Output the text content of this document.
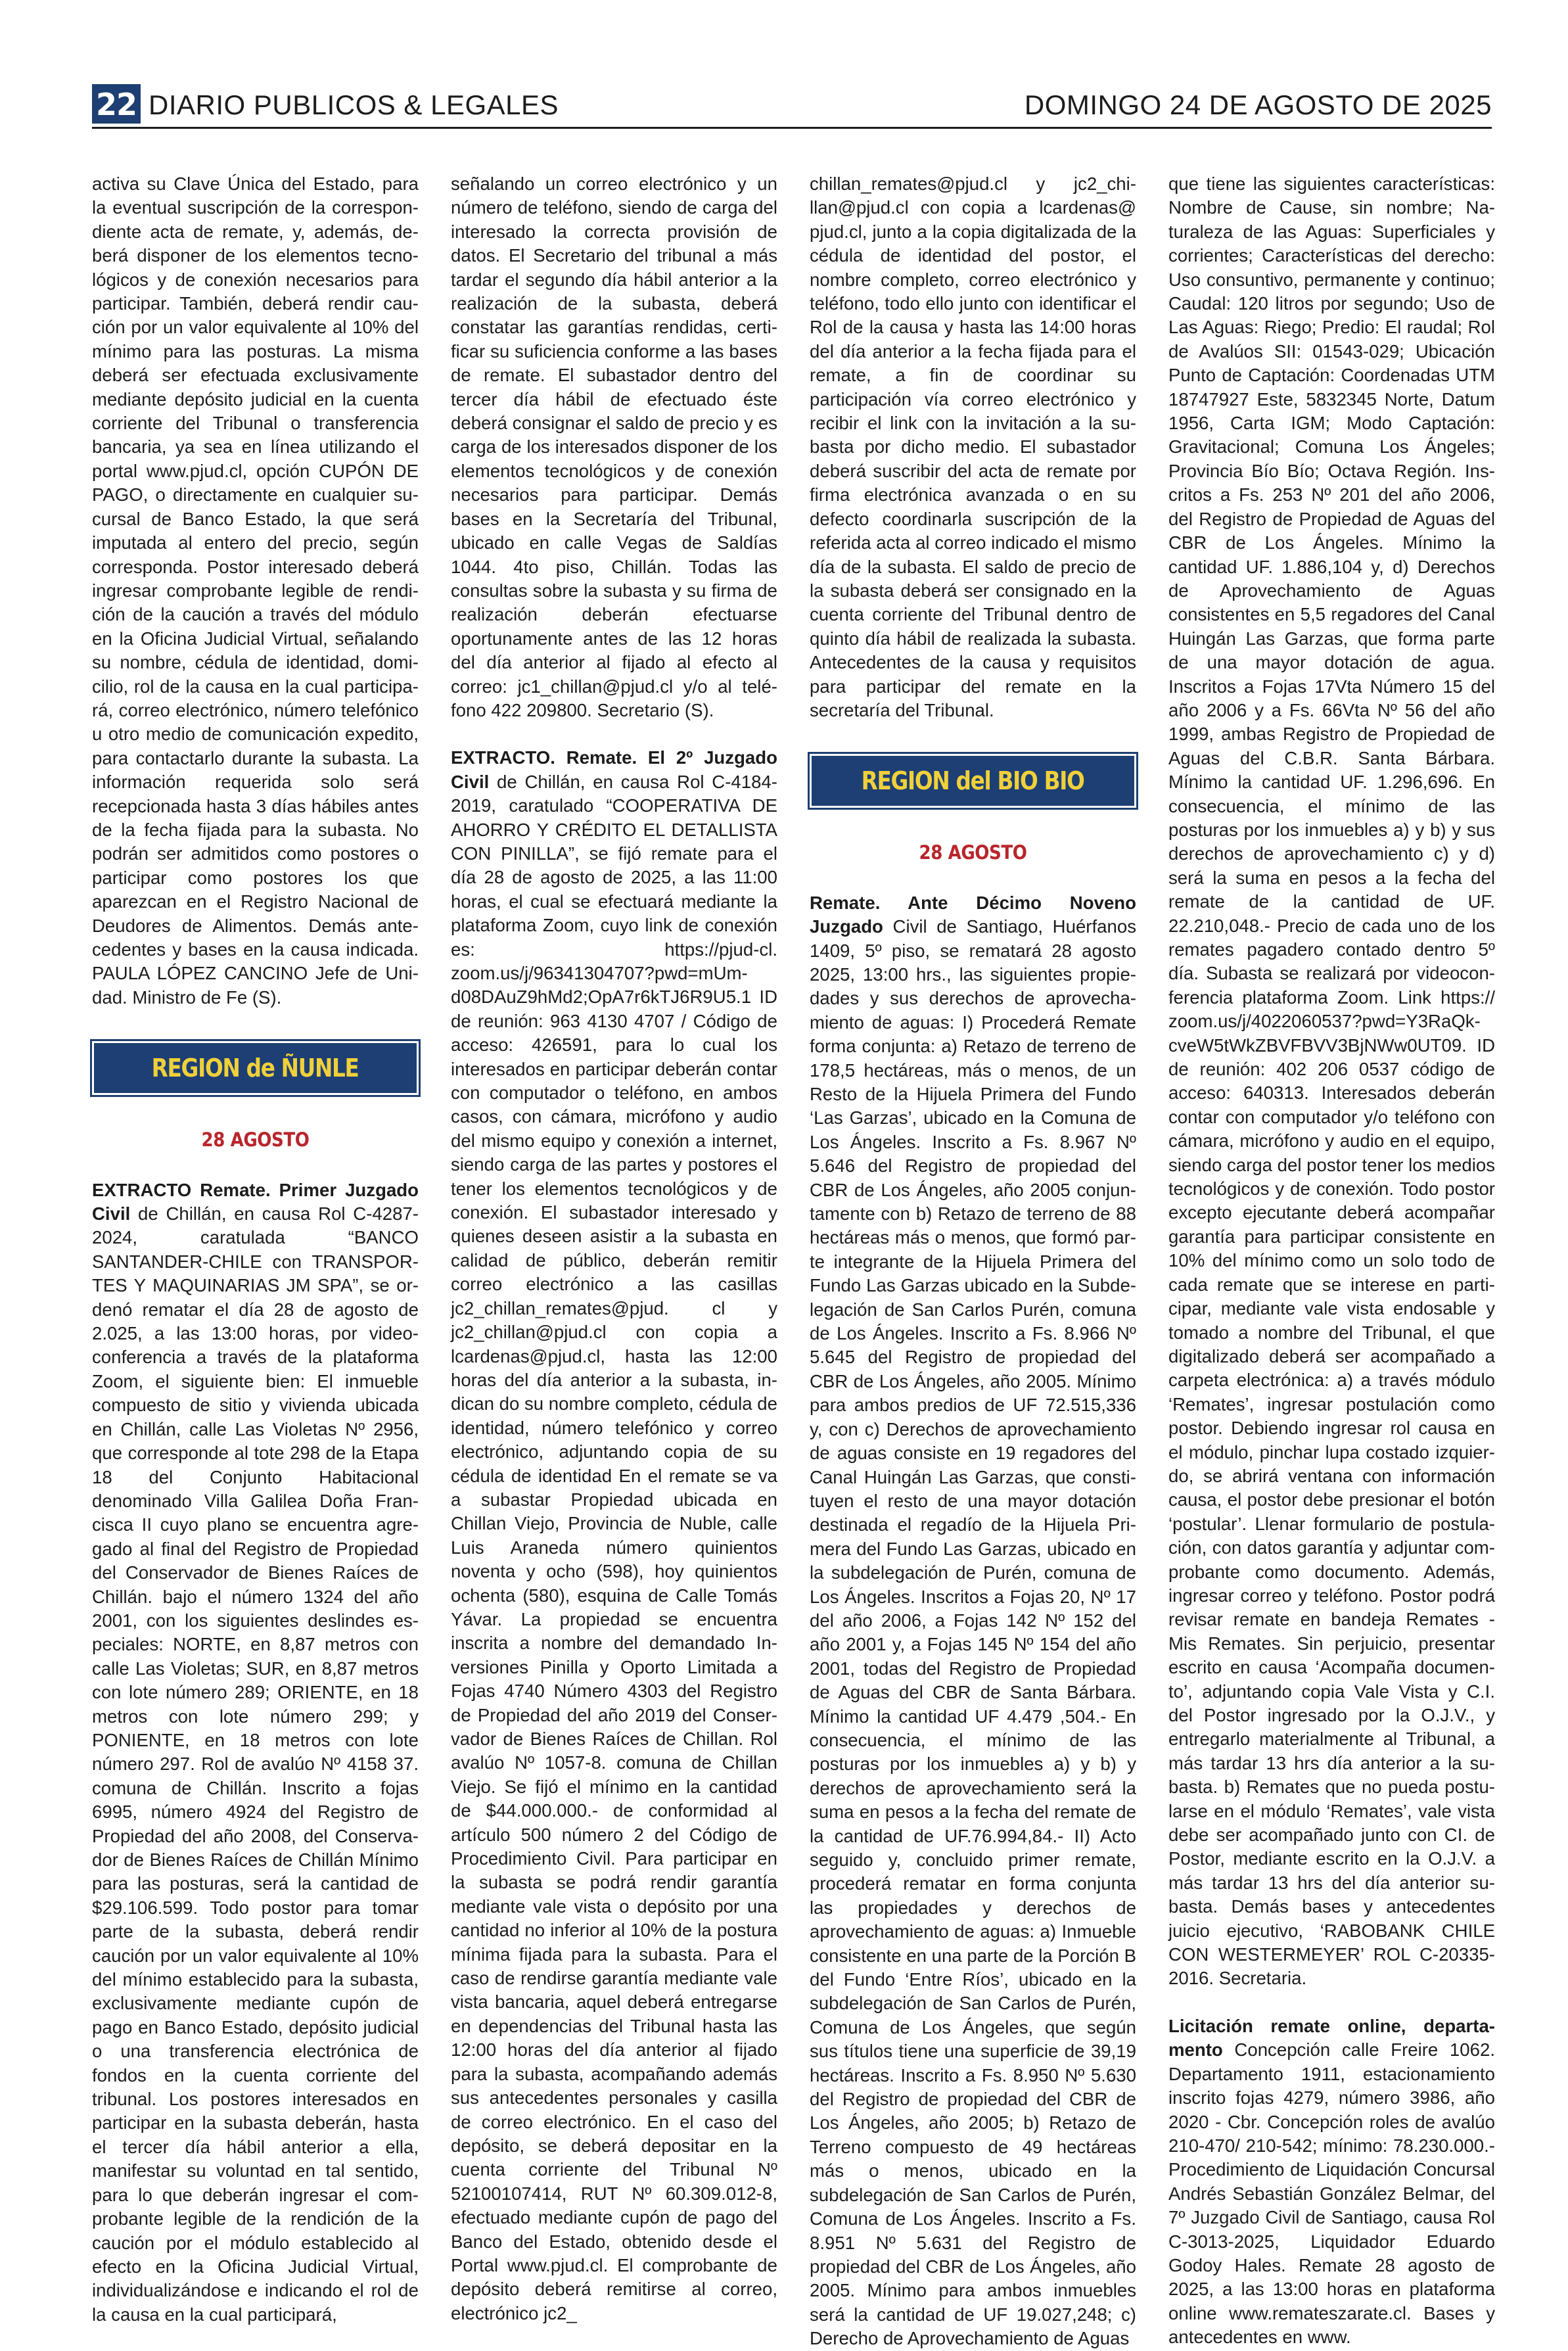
22 DIARIO PUBLICOS & LEGALES	DOMINGO 24 DE AGOSTO DE 2025

activa su Clave Única del Estado, para la eventual suscripción de la correspondiente acta de remate, y, además, deberá disponer de los elementos tecnológicos y de conexión necesarios para participar. También, deberá rendir caución por un valor equivalente al 10% del mínimo para las posturas. La misma deberá ser efectuada exclusivamente mediante depósito judicial en la cuenta corriente del Tribunal o transferencia bancaria, ya sea en línea utilizando el portal www.pjud.cl, opción CUPÓN DE PAGO, o directamente en cualquier sucursal de Banco Estado, la que será imputada al entero del precio, según corresponda. Postor interesado deberá ingresar comprobante legible de rendición de la caución a través del módulo en la Oficina Judicial Virtual, señalando su nombre, cédula de identidad, domicilio, rol de la causa en la cual participará, correo electrónico, número telefónico u otro medio de comunicación expedito, para contactarlo durante la subasta. La información requerida solo será recepcionada hasta 3 días hábiles antes de la fecha fijada para la subasta. No podrán ser admitidos como postores o participar como postores los que aparezcan en el Registro Nacional de Deudores de Alimentos. Demás antecedentes y bases en la causa indicada. PAULA LÓPEZ CANCINO Jefe de Unidad. Ministro de Fe (S).

REGION de ÑUNLE
28 AGOSTO

EXTRACTO Remate. Primer Juzgado Civil de Chillán, en causa Rol C-4287-2024, caratulada “BANCO SANTANDER-CHILE con TRANSPORTES Y MAQUINARIAS JM SPA”, se ordenó rematar el día 28 de agosto de 2.025, a las 13:00 horas, por videoconferencia a través de la plataforma Zoom, el siguiente bien: El inmueble compuesto de sitio y vivienda ubicada en Chillán, calle Las Violetas Nº 2956, que corresponde al tote 298 de la Etapa 18 del Conjunto Habitacional denominado Villa Galilea Doña Francisca II cuyo plano se encuentra agregado al final del Registro de Propiedad del Conservador de Bienes Raíces de Chillán. bajo el número 1324 del año 2001, con los siguientes deslindes especiales: NORTE, en 8,87 metros con calle Las Violetas; SUR, en 8,87 metros con lote número 289; ORIENTE, en 18 metros con lote número 299; y PONIENTE, en 18 metros con lote número 297. Rol de avalúo Nº 4158 37. comuna de Chillán. Inscrito a fojas 6995, número 4924 del Registro de Propiedad del año 2008, del Conservador de Bienes Raíces de Chillán Mínimo para las posturas, será la cantidad de $29.106.599. Todo postor para tomar parte de la subasta, deberá rendir caución por un valor equivalente al 10% del mínimo establecido para la subasta, exclusivamente mediante cupón de pago en Banco Estado, depósito judicial o una transferencia electrónica de fondos en la cuenta corriente del tribunal. Los postores interesados en participar en la subasta deberán, hasta el tercer día hábil anterior a ella, manifestar su voluntad en tal sentido, para lo que deberán ingresar el comprobante legible de la rendición de la caución por el módulo establecido al efecto en la Oficina Judicial Virtual, individualizándose e indicando el rol de la causa en la cual participará,

señalando un correo electrónico y un número de teléfono, siendo de carga del interesado la correcta provisión de datos. El Secretario del tribunal a más tardar el segundo día hábil anterior a la realización de la subasta, deberá constatar las garantías rendidas, certificar su suficiencia conforme a las bases de remate. El subastador dentro del tercer día hábil de efectuado éste deberá consignar el saldo de precio y es carga de los interesados disponer de los elementos tecnológicos y de conexión necesarios para participar. Demás bases en la Secretaría del Tribunal, ubicado en calle Vegas de Saldías 1044. 4to piso, Chillán. Todas las consultas sobre la subasta y su firma de realización deberán efectuarse oportunamente antes de las 12 horas del día anterior al fijado al efecto al correo: jc1_chillan@pjud.cl y/o al teléfono 422 209800. Secretario (S).

EXTRACTO. Remate. El 2º Juzgado Civil de Chillán, en causa Rol C-4184-2019, caratulado “COOPERATIVA DE AHORRO Y CRÉDITO EL DETALLISTA CON PINILLA”, se fijó remate para el día 28 de agosto de 2025, a las 11:00 horas, el cual se efectuará mediante la plataforma Zoom, cuyo link de conexión es: https://pjud-cl. zoom.us/j/96341304707?pwd=mUmd08DAuZ9hMd2;OpA7r6kTJ6R9U5.1 ID de reunión: 963 4130 4707 / Código de acceso: 426591, para lo cual los interesados en participar deberán contar con computador o teléfono, en ambos casos, con cámara, micrófono y audio del mismo equipo y conexión a internet, siendo carga de las partes y postores el tener los elementos tecnológicos y de conexión. El subastador interesado y quienes deseen asistir a la subasta en calidad de público, deberán remitir correo electrónico a las casillas jc2_chillan_remates@pjud. cl y jc2_chillan@pjud.cl con copia a lcardenas@pjud.cl, hasta las 12:00 horas del día anterior a la subasta, indican do su nombre completo, cédula de identidad, número telefónico y correo electrónico, adjuntando copia de su cédula de identidad En el remate se va a subastar Propiedad ubicada en Chillan Viejo, Provincia de Nuble, calle Luis Araneda número quinientos noventa y ocho (598), hoy quinientos ochenta (580), esquina de Calle Tomás Yávar. La propiedad se encuentra inscrita a nombre del demandado Inversiones Pinilla y Oporto Limitada a Fojas 4740 Número 4303 del Registro de Propiedad del año 2019 del Conservador de Bienes Raíces de Chillan. Rol avalúo Nº 1057-8. comuna de Chillan Viejo. Se fijó el mínimo en la cantidad de $44.000.000.- de conformidad al artículo 500 número 2 del Código de Procedimiento Civil. Para participar en la subasta se podrá rendir garantía mediante vale vista o depósito por una cantidad no inferior al 10% de la postura mínima fijada para la subasta. Para el caso de rendirse garantía mediante vale vista bancaria, aquel deberá entregarse en dependencias del Tribunal hasta las 12:00 horas del día anterior al fijado para la subasta, acompañando además sus antecedentes personales y casilla de correo electrónico. En el caso del depósito, se deberá depositar en la cuenta corriente del Tribunal Nº 52100107414, RUT Nº 60.309.012-8, efectuado mediante cupón de pago del Banco del Estado, obtenido desde el Portal www.pjud.cl. El comprobante de depósito deberá remitirse al correo, electrónico jc2_

chillan_remates@pjud.cl y jc2_chillan@pjud.cl con copia a lcardenas@ pjud.cl, junto a la copia digitalizada de la cédula de identidad del postor, el nombre completo, correo electrónico y teléfono, todo ello junto con identificar el Rol de la causa y hasta las 14:00 horas del día anterior a la fecha fijada para el remate, a fin de coordinar su participación vía correo electrónico y recibir el link con la invitación a la subasta por dicho medio. El subastador deberá suscribir del acta de remate por firma electrónica avanzada o en su defecto coordinarla suscripción de la referida acta al correo indicado el mismo día de la subasta. El saldo de precio de la subasta deberá ser consignado en la cuenta corriente del Tribunal dentro de quinto día hábil de realizada la subasta. Antecedentes de la causa y requisitos para participar del remate en la secretaría del Tribunal.

REGION del BIO BIO
28 AGOSTO

Remate. Ante Décimo Noveno Juzgado Civil de Santiago, Huérfanos 1409, 5º piso, se rematará 28 agosto 2025, 13:00 hrs., las siguientes propiedades y sus derechos de aprovechamiento de aguas: I) Procederá Remate forma conjunta: a) Retazo de terreno de 178,5 hectáreas, más o menos, de un Resto de la Hijuela Primera del Fundo ‘Las Garzas’, ubicado en la Comuna de Los Ángeles. Inscrito a Fs. 8.967 Nº 5.646 del Registro de propiedad del CBR de Los Ángeles, año 2005 conjuntamente con b) Retazo de terreno de 88 hectáreas más o menos, que formó parte integrante de la Hijuela Primera del Fundo Las Garzas ubicado en la Subdelegación de San Carlos Purén, comuna de Los Ángeles. Inscrito a Fs. 8.966 Nº 5.645 del Registro de propiedad del CBR de Los Ángeles, año 2005. Mínimo para ambos predios de UF 72.515,336 y, con c) Derechos de aprovechamiento de aguas consiste en 19 regadores del Canal Huingán Las Garzas, que constituyen el resto de una mayor dotación destinada el regadío de la Hijuela Primera del Fundo Las Garzas, ubicado en la subdelegación de Purén, comuna de Los Ángeles. Inscritos a Fojas 20, Nº 17 del año 2006, a Fojas 142 Nº 152 del año 2001 y, a Fojas 145 Nº 154 del año 2001, todas del Registro de Propiedad de Aguas del CBR de Santa Bárbara. Mínimo la cantidad UF 4.479 ,504.- En consecuencia, el mínimo de las posturas por los inmuebles a) y b) y derechos de aprovechamiento será la suma en pesos a la fecha del remate de la cantidad de UF.76.994,84.- II) Acto seguido y, concluido primer remate, procederá rematar en forma conjunta las propiedades y derechos de aprovechamiento de aguas: a) Inmueble consistente en una parte de la Porción B del Fundo ‘Entre Ríos’, ubicado en la subdelegación de San Carlos de Purén, Comuna de Los Ángeles, que según sus títulos tiene una superficie de 39,19 hectáreas. Inscrito a Fs. 8.950 Nº 5.630 del Registro de propiedad del CBR de Los Ángeles, año 2005; b) Retazo de Terreno compuesto de 49 hectáreas más o menos, ubicado en la subdelegación de San Carlos de Purén, Comuna de Los Ángeles. Inscrito a Fs. 8.951 Nº 5.631 del Registro de propiedad del CBR de Los Ángeles, año 2005. Mínimo para ambos inmuebles será la cantidad de UF 19.027,248; c) Derecho de Aprovechamiento de Aguas

que tiene las siguientes características: Nombre de Cause, sin nombre; Naturaleza de las Aguas: Superficiales y corrientes; Características del derecho: Uso consuntivo, permanente y continuo; Caudal: 120 litros por segundo; Uso de Las Aguas: Riego; Predio: El raudal; Rol de Avalúos SII: 01543-029; Ubicación Punto de Captación: Coordenadas UTM 18747927 Este, 5832345 Norte, Datum 1956, Carta IGM; Modo Captación: Gravitacional; Comuna Los Ángeles; Provincia Bío Bío; Octava Región. Inscritos a Fs. 253 Nº 201 del año 2006, del Registro de Propiedad de Aguas del CBR de Los Ángeles. Mínimo la cantidad UF. 1.886,104 y, d) Derechos de Aprovechamiento de Aguas consistentes en 5,5 regadores del Canal Huingán Las Garzas, que forma parte de una mayor dotación de agua. Inscritos a Fojas 17Vta Número 15 del año 2006 y a Fs. 66Vta Nº 56 del año 1999, ambas Registro de Propiedad de Aguas del C.B.R. Santa Bárbara. Mínimo la cantidad UF. 1.296,696. En consecuencia, el mínimo de las posturas por los inmuebles a) y b) y sus derechos de aprovechamiento c) y d) será la suma en pesos a la fecha del remate de la cantidad de UF. 22.210,048.- Precio de cada uno de los remates pagadero contado dentro 5º día. Subasta se realizará por videoconferencia plataforma Zoom. Link https:// zoom.us/j/4022060537?pwd=Y3RaQkcveW5tWkZBVFBVV3BjNWw0UT09. ID de reunión: 402 206 0537 código de acceso: 640313. Interesados deberán contar con computador y/o teléfono con cámara, micrófono y audio en el equipo, siendo carga del postor tener los medios tecnológicos y de conexión. Todo postor excepto ejecutante deberá acompañar garantía para participar consistente en 10% del mínimo como un solo todo de cada remate que se interese en participar, mediante vale vista endosable y tomado a nombre del Tribunal, el que digitalizado deberá ser acompañado a carpeta electrónica: a) a través módulo ‘Remates’, ingresar postulación como postor. Debiendo ingresar rol causa en el módulo, pinchar lupa costado izquierdo, se abrirá ventana con información causa, el postor debe presionar el botón ‘postular’. Llenar formulario de postulación, con datos garantía y adjuntar comprobante como documento. Además, ingresar correo y teléfono. Postor podrá revisar remate en bandeja Remates - Mis Remates. Sin perjuicio, presentar escrito en causa ‘Acompaña documento’, adjuntando copia Vale Vista y C.I. del Postor ingresado por la O.J.V., y entregarlo materialmente al Tribunal, a más tardar 13 hrs día anterior a la subasta. b) Remates que no pueda postularse en el módulo ‘Remates’, vale vista debe ser acompañado junto con CI. de Postor, mediante escrito en la O.J.V. a más tardar 13 hrs del día anterior subasta. Demás bases y antecedentes juicio ejecutivo, ‘RABOBANK CHILE CON WESTERMEYER’ ROL C-20335-2016. Secretaria.

Licitación remate online, departamento Concepción calle Freire 1062. Departamento 1911, estacionamiento inscrito fojas 4279, número 3986, año 2020 - Cbr. Concepción roles de avalúo 210-470/ 210-542; mínimo: 78.230.000.- Procedimiento de Liquidación Concursal Andrés Sebastián González Belmar, del 7º Juzgado Civil de Santiago, causa Rol C-3013-2025, Liquidador Eduardo Godoy Hales. Remate 28 agosto de 2025, a las 13:00 horas en plataforma online www.remateszarate.cl. Bases y antecedentes en www.
